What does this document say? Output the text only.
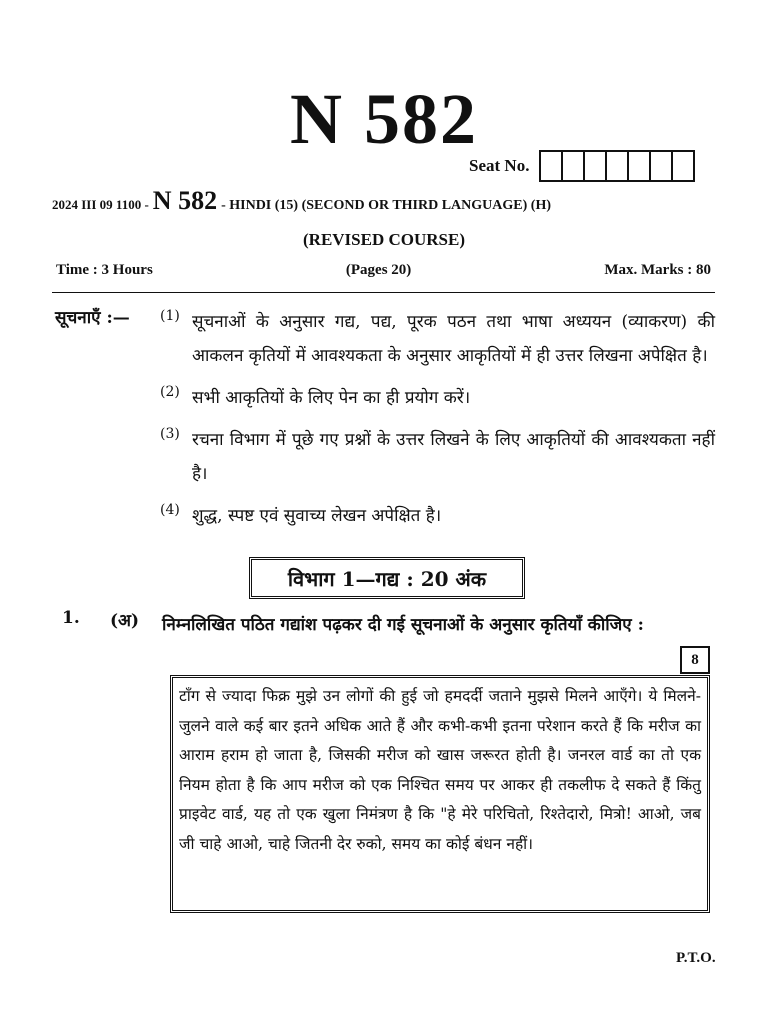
N 582
Seat No.
2024 III 09 1100 - N 582 - HINDI (15) (SECOND OR THIRD LANGUAGE) (H)
(REVISED COURSE)
Time : 3 Hours	(Pages 20)	Max. Marks : 80
सूचनाएँ :—	(1) सूचनाओं के अनुसार गद्य, पद्य, पूरक पठन तथा भाषा अध्ययन (व्याकरण) की आकलन कृतियों में आवश्यकता के अनुसार आकृतियों में ही उत्तर लिखना अपेक्षित है।
(2) सभी आकृतियों के लिए पेन का ही प्रयोग करें।
(3) रचना विभाग में पूछे गए प्रश्नों के उत्तर लिखने के लिए आकृतियों की आवश्यकता नहीं है।
(4) शुद्ध, स्पष्ट एवं सुवाच्य लेखन अपेक्षित है।
विभाग 1—गद्य : 20 अंक
1.	(अ)	निम्नलिखित पठित गद्यांश पढ़कर दी गई सूचनाओं के अनुसार कृतियाँ कीजिए :
8
टाँग से ज्यादा फिक्र मुझे उन लोगों की हुई जो हमदर्दी जताने मुझसे मिलने आएँगे। ये मिलने-जुलने वाले कई बार इतने अधिक आते हैं और कभी-कभी इतना परेशान करते हैं कि मरीज का आराम हराम हो जाता है, जिसकी मरीज को खास जरूरत होती है। जनरल वार्ड का तो एक नियम होता है कि आप मरीज को एक निश्चित समय पर आकर ही तकलीफ दे सकते हैं किंतु प्राइवेट वार्ड, यह तो एक खुला निमंत्रण है कि "हे मेरे परिचितो, रिश्तेदारो, मित्रो! आओ, जब जी चाहे आओ, चाहे जितनी देर रुको, समय का कोई बंधन नहीं।
P.T.O.
